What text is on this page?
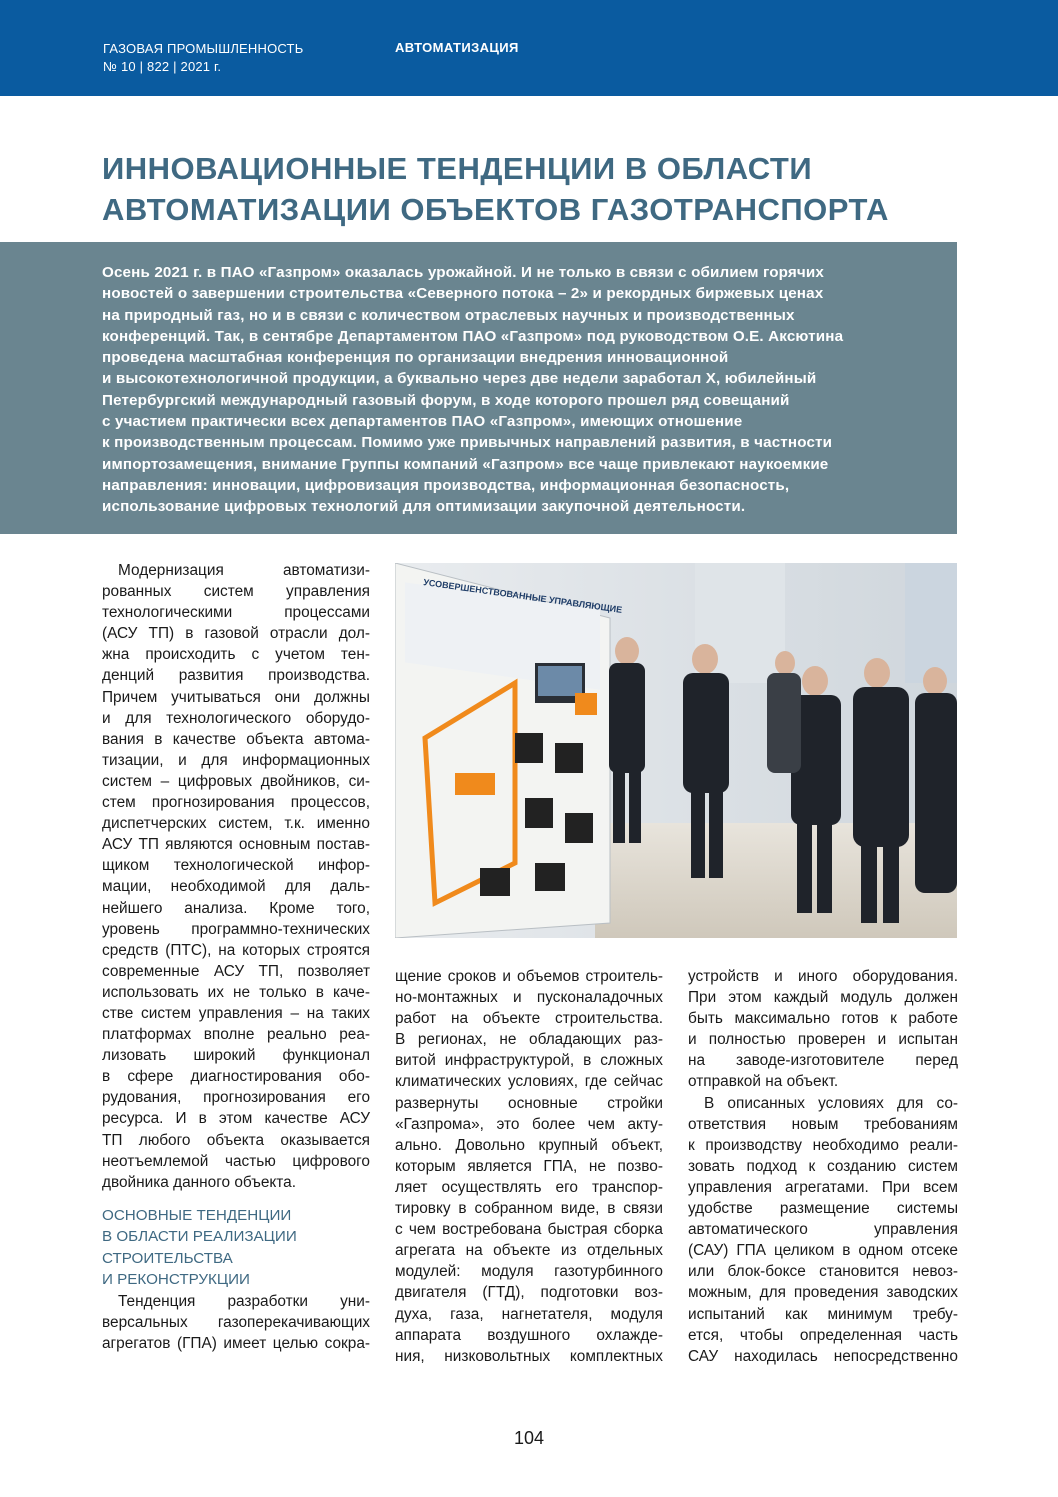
ГАЗОВАЯ ПРОМЫШЛЕННОСТЬ
№ 10 | 822 | 2021 г.
АВТОМАТИЗАЦИЯ
ИННОВАЦИОННЫЕ ТЕНДЕНЦИИ В ОБЛАСТИ
АВТОМАТИЗАЦИИ ОБЪЕКТОВ ГАЗОТРАНСПОРТА
Осень 2021 г. в ПАО «Газпром» оказалась урожайной. И не только в связи с обилием горячих
новостей о завершении строительства «Северного потока – 2» и рекордных биржевых ценах
на природный газ, но и в связи с количеством отраслевых научных и производственных
конференций. Так, в сентябре Департаментом ПАО «Газпром» под руководством О.Е. Аксютина
проведена масштабная конференция по организации внедрения инновационной
и высокотехнологичной продукции, а буквально через две недели заработал X, юбилейный
Петербургский международный газовый форум, в ходе которого прошел ряд совещаний
с участием практически всех департаментов ПАО «Газпром», имеющих отношение
к производственным процессам. Помимо уже привычных направлений развития, в частности
импортозамещения, внимание Группы компаний «Газпром» все чаще привлекают наукоемкие
направления: инновации, цифровизация производства, информационная безопасность,
использование цифровых технологий для оптимизации закупочной деятельности.
Модернизация автоматизи-
рованных систем управления
технологическими процессами
(АСУ ТП) в газовой отрасли дол-
жна происходить с учетом тен-
денций развития производства.
Причем учитываться они должны
и для технологического оборудо-
вания в качестве объекта автома-
тизации, и для информационных
систем – цифровых двойников, си-
стем прогнозирования процессов,
диспетчерских систем, т.к. именно
АСУ ТП являются основным постав-
щиком технологической инфор-
мации, необходимой для даль-
нейшего анализа. Кроме того,
уровень программно-технических
средств (ПТС), на которых строятся
современные АСУ ТП, позволяет
использовать их не только в каче-
стве систем управления – на таких
платформах вполне реально реа-
лизовать широкий функционал
в сфере диагностирования обо-
рудования, прогнозирования его
ресурса. И в этом качестве АСУ
ТП любого объекта оказывается
неотъемлемой частью цифрового
двойника данного объекта.
ОСНОВНЫЕ ТЕНДЕНЦИИ
В ОБЛАСТИ РЕАЛИЗАЦИИ
СТРОИТЕЛЬСТВА
И РЕКОНСТРУКЦИИ
Тенденция разработки уни-
версальных газоперекачивающих
агрегатов (ГПА) имеет целью сокра-
УСОВЕРШЕНСТВОВАННЫЕ УПРАВЛЯЮЩИЕ
щение сроков и объемов строитель-
но-монтажных и пусконаладочных
работ на объекте строительства.
В регионах, не обладающих раз-
витой инфраструктурой, в сложных
климатических условиях, где сейчас
развернуты основные стройки
«Газпрома», это более чем акту-
ально. Довольно крупный объект,
которым является ГПА, не позво-
ляет осуществлять его транспор-
тировку в собранном виде, в связи
с чем востребована быстрая сборка
агрегата на объекте из отдельных
модулей: модуля газотурбинного
двигателя (ГТД), подготовки воз-
духа, газа, нагнетателя, модуля
аппарата воздушного охлажде-
ния, низковольтных комплектных
устройств и иного оборудования.
При этом каждый модуль должен
быть максимально готов к работе
и полностью проверен и испытан
на заводе-изготовителе перед
отправкой на объект.
В описанных условиях для со-
ответствия новым требованиям
к производству необходимо реали-
зовать подход к созданию систем
управления агрегатами. При всем
удобстве размещение системы
автоматического управления
(САУ) ГПА целиком в одном отсеке
или блок-боксе становится невоз-
можным, для проведения заводских
испытаний как минимум требу-
ется, чтобы определенная часть
САУ находилась непосредственно
104
